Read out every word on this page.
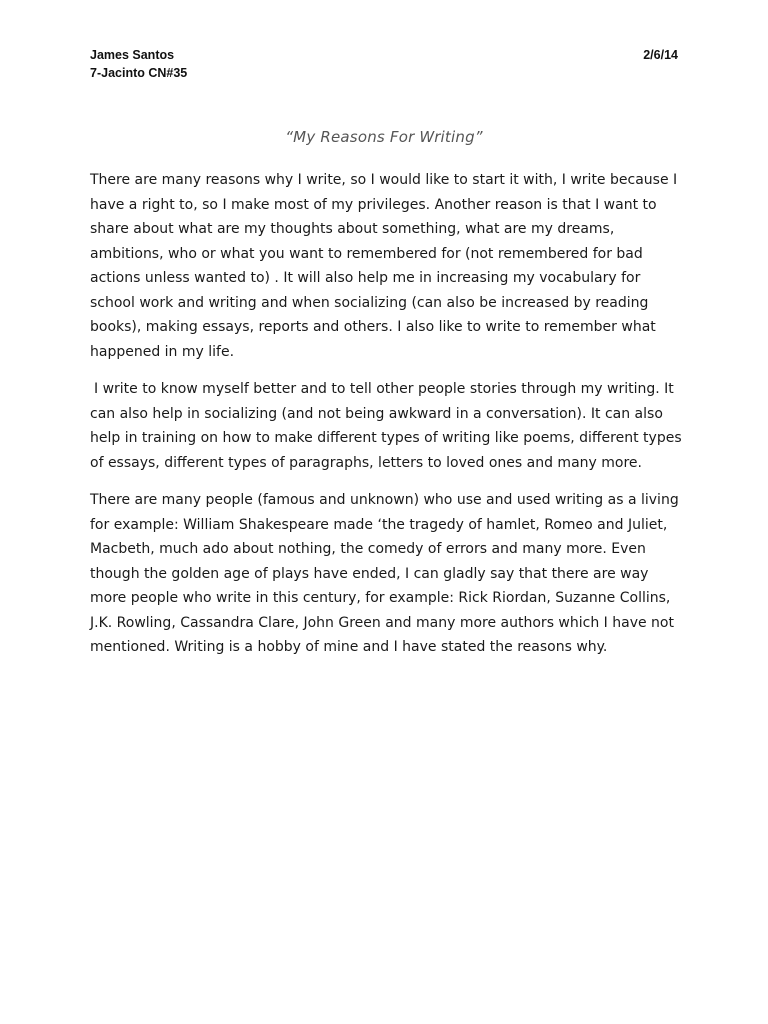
James Santos
7-Jacinto CN#35
2/6/14
“My Reasons For Writing”

There are many reasons why I write, so I would like to start it with, I write because I have a right to, so I make most of my privileges. Another reason is that I want to share about what are my thoughts about something, what are my dreams, ambitions, who or what you want to remembered for (not remembered for bad actions unless wanted to) . It will also help me in increasing my vocabulary for school work and writing and when socializing (can also be increased by reading books), making essays, reports and others. I also like to write to remember what happened in my life.

I write to know myself better and to tell other people stories through my writing. It can also help in socializing (and not being awkward in a conversation). It can also help in training on how to make different types of writing like poems, different types of essays, different types of paragraphs, letters to loved ones and many more.

There are many people (famous and unknown) who use and used writing as a living for example: William Shakespeare made ‘the tragedy of hamlet, Romeo and Juliet, Macbeth, much ado about nothing, the comedy of errors and many more. Even though the golden age of plays have ended, I can gladly say that there are way more people who write in this century, for example: Rick Riordan, Suzanne Collins, J.K. Rowling, Cassandra Clare, John Green and many more authors which I have not mentioned. Writing is a hobby of mine and I have stated the reasons why.
